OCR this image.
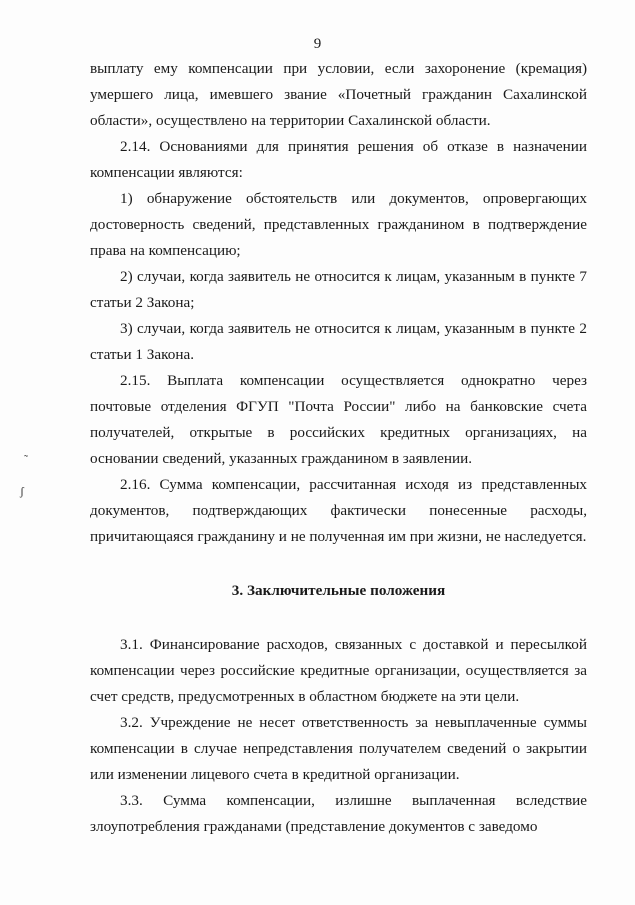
9
˜
ʃ

выплату ему компенсации при условии, если захоронение (кремация) умершего лица, имевшего звание «Почетный гражданин Сахалинской области», осуществлено на территории Сахалинской области.

2.14. Основаниями для принятия решения об отказе в назначении компенсации являются:

1) обнаружение обстоятельств или документов, опровергающих достоверность сведений, представленных гражданином в подтверждение права на компенсацию;

2) случаи, когда заявитель не относится к лицам, указанным в пункте 7 статьи 2 Закона;

3) случаи, когда заявитель не относится к лицам, указанным в пункте 2 статьи 1 Закона.

2.15. Выплата компенсации осуществляется однократно через почтовые отделения ФГУП "Почта России" либо на банковские счета получателей, открытые в российских кредитных организациях, на основании сведений, указанных гражданином в заявлении.

2.16. Сумма компенсации, рассчитанная исходя из представленных документов, подтверждающих фактически понесенные расходы, причитающаяся гражданину и не полученная им при жизни, не наследуется.

3. Заключительные положения

3.1. Финансирование расходов, связанных с доставкой и пересылкой компенсации через российские кредитные организации, осуществляется за счет средств, предусмотренных в областном бюджете на эти цели.

3.2. Учреждение не несет ответственность за невыплаченные суммы компенсации в случае непредставления получателем сведений о закрытии или изменении лицевого счета в кредитной организации.

3.3. Сумма компенсации, излишне выплаченная вследствие злоупотребления гражданами (представление документов с заведомо
